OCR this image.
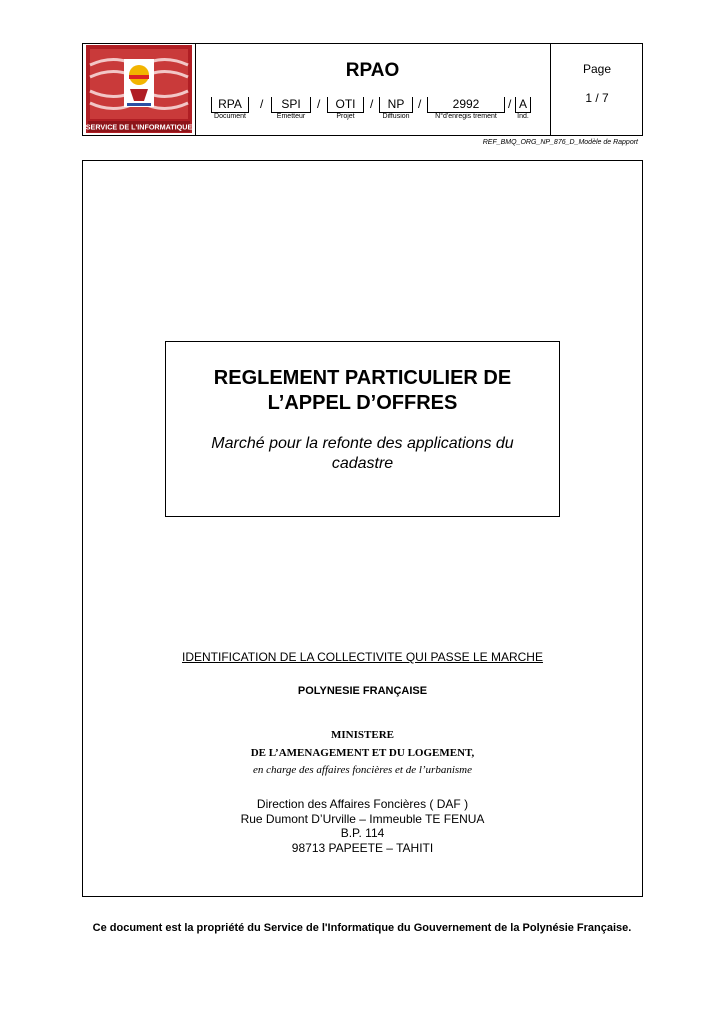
SERVICE DE L'INFORMATIQUE
RPAO
RPA	/	SPI	/	OTI	/	NP	/	2992	/ A
Document	Emetteur	Projet	Diffusion	N°d'enregis trement	Ind.
Page
1 / 7
REF_BMQ_ORG_NP_876_D_Modèle de Rapport
REGLEMENT PARTICULIER DE L’APPEL D’OFFRES
Marché pour la refonte des applications du cadastre
IDENTIFICATION DE LA COLLECTIVITE QUI PASSE LE MARCHE
POLYNESIE FRANÇAISE
MINISTERE
DE L’AMENAGEMENT ET DU LOGEMENT,
en charge des affaires foncières et de l’urbanisme
Direction des Affaires Foncières ( DAF )
Rue Dumont D’Urville – Immeuble TE FENUA
B.P. 114
98713 PAPEETE – TAHITI
Ce document est la propriété du Service de l'Informatique du Gouvernement de la Polynésie Française.
